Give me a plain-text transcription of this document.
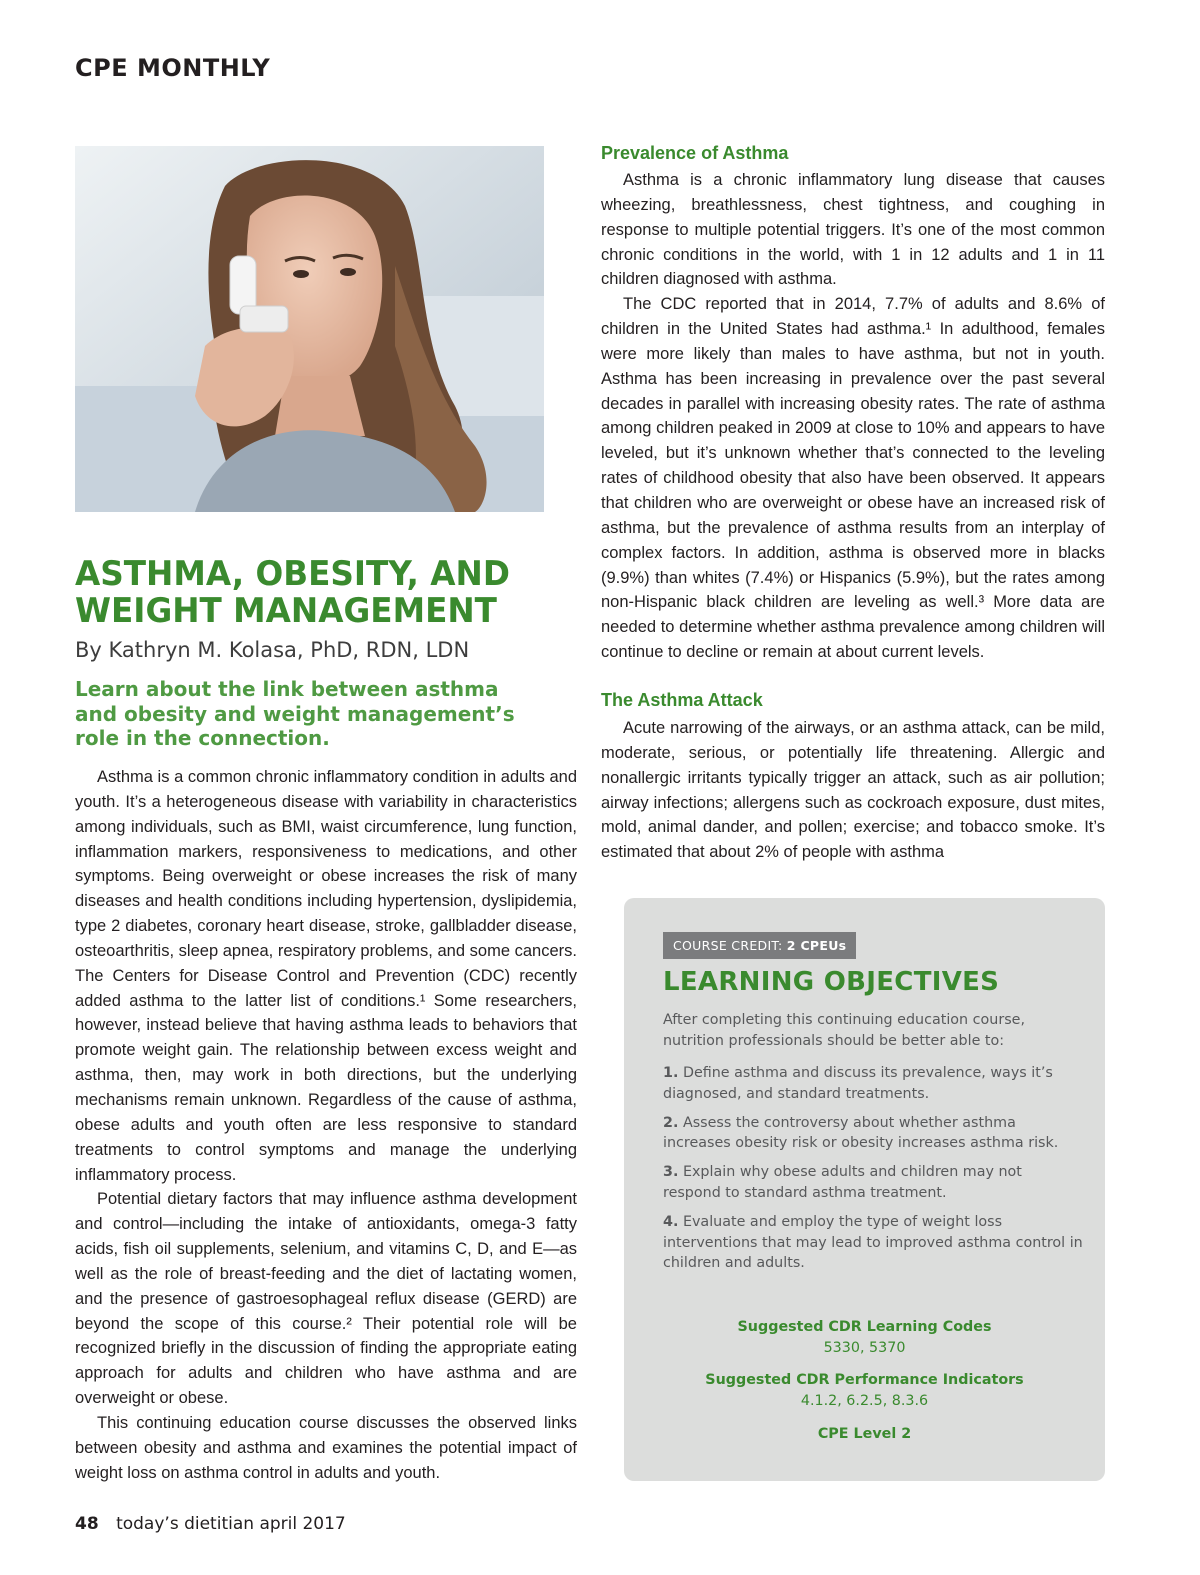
CPE MONTHLY
ASTHMA, OBESITY, AND WEIGHT MANAGEMENT

By Kathryn M. Kolasa, PhD, RDN, LDN

Learn about the link between asthma and obesity and weight management’s role in the connection.

Asthma is a common chronic inflammatory condition in adults and youth. It’s a heterogeneous disease with variability in characteristics among individuals, such as BMI, waist circumference, lung function, inflammation markers, responsiveness to medications, and other symptoms. Being overweight or obese increases the risk of many diseases and health conditions including hypertension, dyslipidemia, type 2 diabetes, coronary heart disease, stroke, gallbladder disease, osteoarthritis, sleep apnea, respiratory problems, and some cancers. The Centers for Disease Control and Prevention (CDC) recently added asthma to the latter list of conditions.¹ Some researchers, however, instead believe that having asthma leads to behaviors that promote weight gain. The relationship between excess weight and asthma, then, may work in both directions, but the underlying mechanisms remain unknown. Regardless of the cause of asthma, obese adults and youth often are less responsive to standard treatments to control symptoms and manage the underlying inflammatory process.

Potential dietary factors that may influence asthma development and control—including the intake of antioxidants, omega-3 fatty acids, fish oil supplements, selenium, and vitamins C, D, and E—as well as the role of breast-feeding and the diet of lactating women, and the presence of gastroesophageal reflux disease (GERD) are beyond the scope of this course.² Their potential role will be recognized briefly in the discussion of finding the appropriate eating approach for adults and children who have asthma and are overweight or obese.

This continuing education course discusses the observed links between obesity and asthma and examines the potential impact of weight loss on asthma control in adults and youth.

Prevalence of Asthma

Asthma is a chronic inflammatory lung disease that causes wheezing, breathlessness, chest tightness, and coughing in response to multiple potential triggers. It’s one of the most common chronic conditions in the world, with 1 in 12 adults and 1 in 11 children diagnosed with asthma.

The CDC reported that in 2014, 7.7% of adults and 8.6% of children in the United States had asthma.¹ In adulthood, females were more likely than males to have asthma, but not in youth. Asthma has been increasing in prevalence over the past several decades in parallel with increasing obesity rates. The rate of asthma among children peaked in 2009 at close to 10% and appears to have leveled, but it’s unknown whether that’s connected to the leveling rates of childhood obesity that also have been observed. It appears that children who are overweight or obese have an increased risk of asthma, but the prevalence of asthma results from an interplay of complex factors. In addition, asthma is observed more in blacks (9.9%) than whites (7.4%) or Hispanics (5.9%), but the rates among non-Hispanic black children are leveling as well.³ More data are needed to determine whether asthma prevalence among children will continue to decline or remain at about current levels.

The Asthma Attack

Acute narrowing of the airways, or an asthma attack, can be mild, moderate, serious, or potentially life threatening. Allergic and nonallergic irritants typically trigger an attack, such as air pollution; airway infections; allergens such as cockroach exposure, dust mites, mold, animal dander, and pollen; exercise; and tobacco smoke. It’s estimated that about 2% of people with asthma

COURSE CREDIT: 2 CPEUs
LEARNING OBJECTIVES

After completing this continuing education course, nutrition professionals should be better able to:

1. Define asthma and discuss its prevalence, ways it’s diagnosed, and standard treatments.
2. Assess the controversy about whether asthma increases obesity risk or obesity increases asthma risk.
3. Explain why obese adults and children may not respond to standard asthma treatment.
4. Evaluate and employ the type of weight loss interventions that may lead to improved asthma control in children and adults.
Suggested CDR Learning Codes
5330, 5370
Suggested CDR Performance Indicators
4.1.2, 6.2.5, 8.3.6
CPE Level 2
48 today’s dietitian april 2017
